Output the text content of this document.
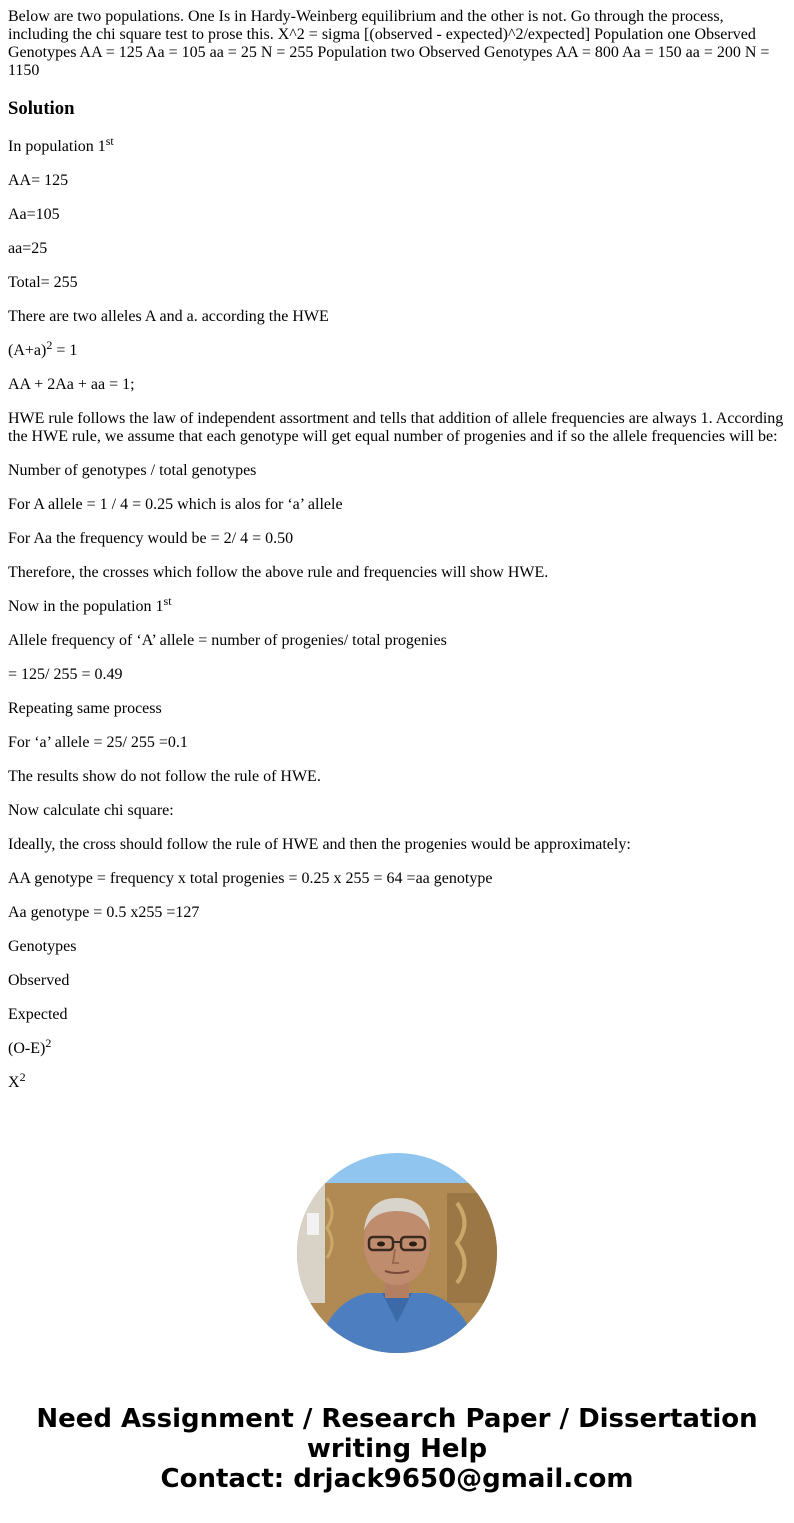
Below are two populations. One Is in Hardy-Weinberg equilibrium and the other is not. Go through the process, including the chi square test to prose this. X^2 = sigma [(observed - expected)^2/expected] Population one Observed Genotypes AA = 125 Aa = 105 aa = 25 N = 255 Population two Observed Genotypes AA = 800 Aa = 150 aa = 200 N = 1150
Solution

In population 1st

AA= 125

Aa=105

aa=25

Total= 255

There are two alleles A and a. according the HWE

$(A+a)^2 = 1$

AA + 2Aa + aa = 1;

HWE rule follows the law of independent assortment and tells that addition of allele frequencies are always 1. According the HWE rule, we assume that each genotype will get equal number of progenies and if so the allele frequencies will be:

Number of genotypes / total genotypes

For A allele = 1 / 4 = 0.25 which is alos for ‘a’ allele

For Aa the frequency would be = 2/ 4 = 0.50

Therefore, the crosses which follow the above rule and frequencies will show HWE.

Now in the population 1st

Allele frequency of ‘A’ allele = number of progenies/ total progenies

= 125/ 255 = 0.49

Repeating same process

For ‘a’ allele = 25/ 255 =0.1

The results show do not follow the rule of HWE.

Now calculate chi square:

Ideally, the cross should follow the rule of HWE and then the progenies would be approximately:

AA genotype = frequency x total progenies = 0.25 x 255 = 64 =aa genotype

Aa genotype = 0.5 x255 =127

Genotypes

Observed

Expected

$(O-E)^2$

$X^2$

Need Assignment / Research Paper / Dissertation
writing Help
Contact: drjack9650@gmail.com
